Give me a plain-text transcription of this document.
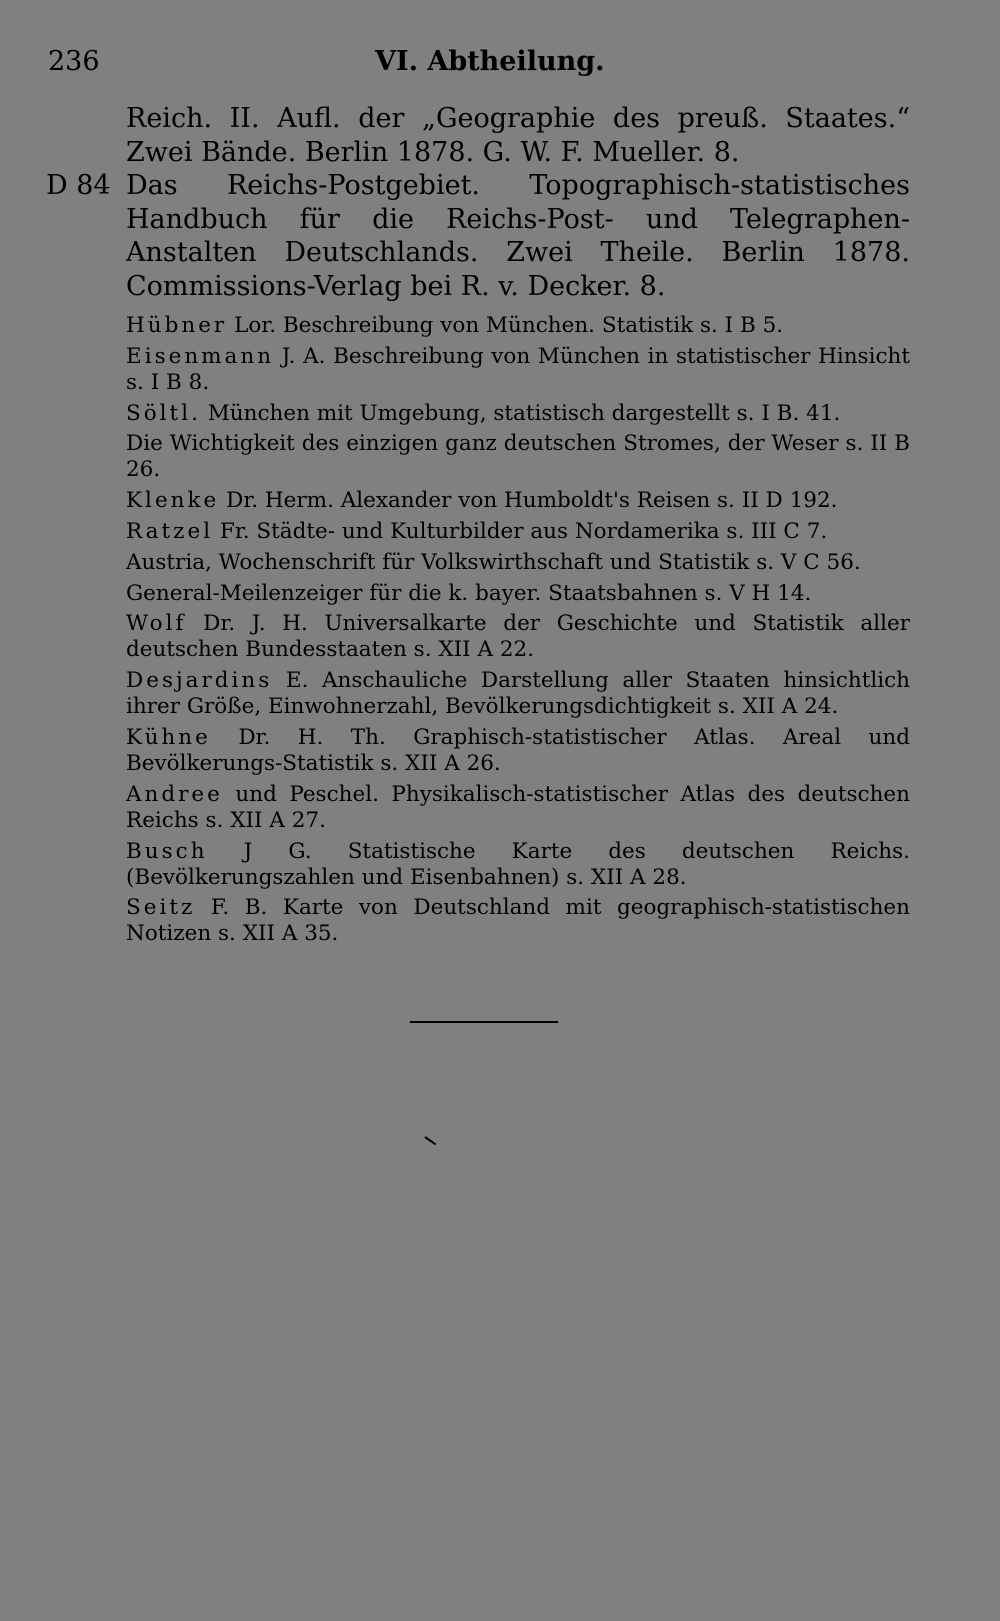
236	VI. Abtheilung.
Reich. II. Aufl. der „Geographie des preuß. Staates.“ Zwei Bände. Berlin 1878. G. W. F. Mueller. 8.
D 84 Das Reichs-Postgebiet. Topographisch-statistisches Handbuch für die Reichs-Post- und Telegraphen-Anstalten Deutschlands. Zwei Theile. Berlin 1878. Commissions-Verlag bei R. v. Decker. 8.
Hübner Lor. Beschreibung von München. Statistik s. I B 5.
Eisenmann J. A. Beschreibung von München in statistischer Hinsicht s. I B 8.
Söltl. München mit Umgebung, statistisch dargestellt s. I B. 41.
Die Wichtigkeit des einzigen ganz deutschen Stromes, der Weser s. II B 26.
Klenke Dr. Herm. Alexander von Humboldt's Reisen s. II D 192.
Ratzel Fr. Städte- und Kulturbilder aus Nordamerika s. III C 7.
Austria, Wochenschrift für Volkswirthschaft und Statistik s. V C 56.
General-Meilenzeiger für die k. bayer. Staatsbahnen s. V H 14.
Wolf Dr. J. H. Universalkarte der Geschichte und Statistik aller deutschen Bundesstaaten s. XII A 22.
Desjardins E. Anschauliche Darstellung aller Staaten hinsichtlich ihrer Größe, Einwohnerzahl, Bevölkerungsdichtigkeit s. XII A 24.
Kühne Dr. H. Th. Graphisch-statistischer Atlas. Areal und Bevölkerungs-Statistik s. XII A 26.
Andree und Peschel. Physikalisch-statistischer Atlas des deutschen Reichs s. XII A 27.
Busch J G. Statistische Karte des deutschen Reichs. (Bevölkerungszahlen und Eisenbahnen) s. XII A 28.
Seitz F. B. Karte von Deutschland mit geographisch-statistischen Notizen s. XII A 35.
